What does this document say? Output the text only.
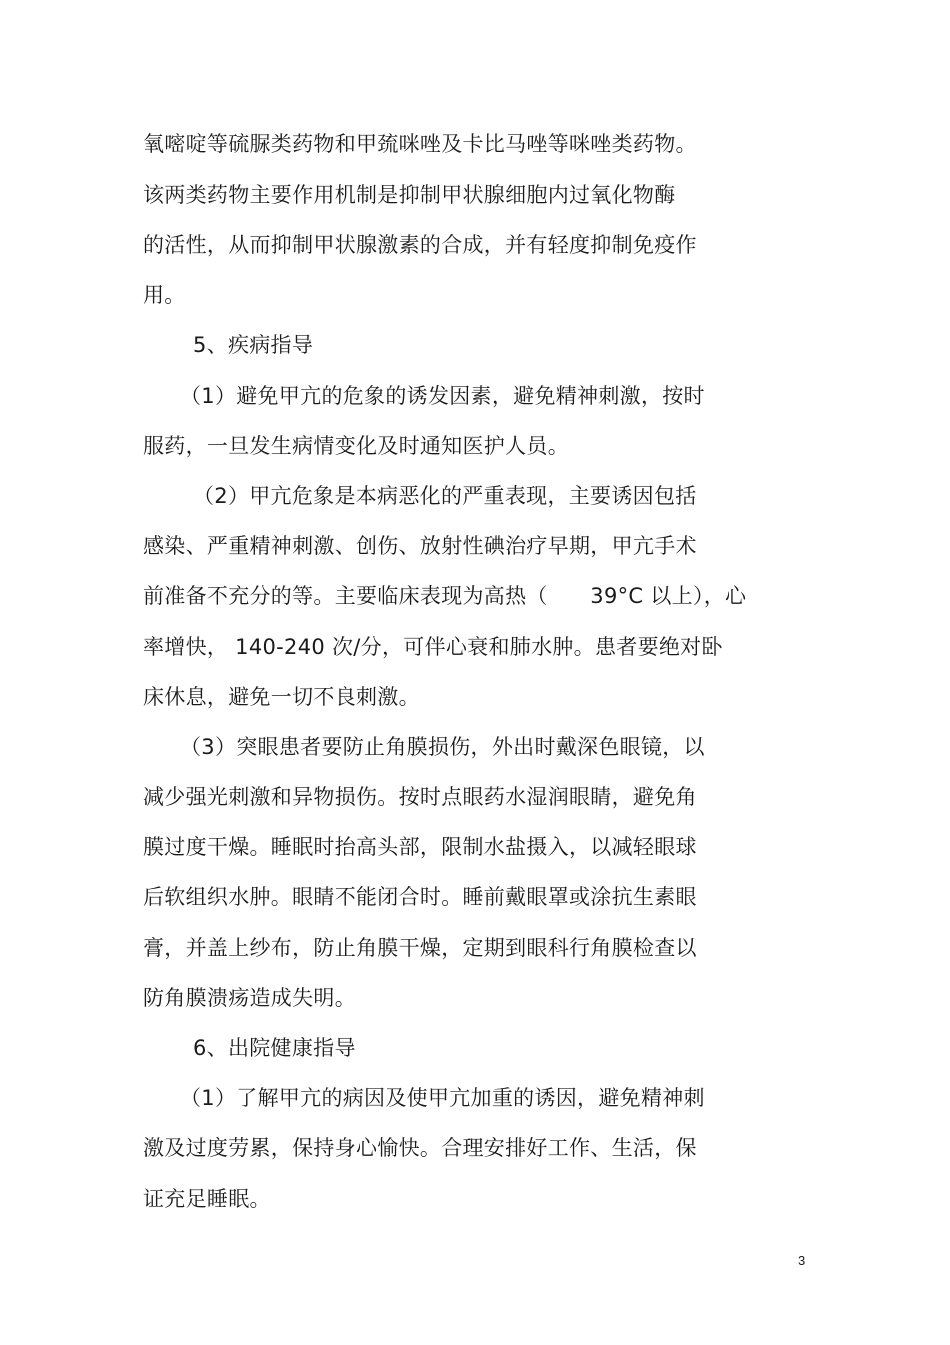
氧嘧啶等硫脲类药物和甲巯咪唑及卡比马唑等咪唑类药物。
该两类药物主要作用机制是抑制甲状腺细胞内过氧化物酶
的活性，从而抑制甲状腺激素的合成，并有轻度抑制免疫作
用。
5、疾病指导
（1）避免甲亢的危象的诱发因素，避免精神刺激，按时
服药，一旦发生病情变化及时通知医护人员。
（2）甲亢危象是本病恶化的严重表现，主要诱因包括
感染、严重精神刺激、创伤、放射性碘治疗早期，甲亢手术
前准备不充分的等。主要临床表现为高热（　　39°C 以上），心
率增快， 140-240 次/分，可伴心衰和肺水肿。患者要绝对卧
床休息，避免一切不良刺激。
（3）突眼患者要防止角膜损伤，外出时戴深色眼镜，以
减少强光刺激和异物损伤。按时点眼药水湿润眼睛，避免角
膜过度干燥。睡眠时抬高头部，限制水盐摄入，以减轻眼球
后软组织水肿。眼睛不能闭合时。睡前戴眼罩或涂抗生素眼
膏，并盖上纱布，防止角膜干燥，定期到眼科行角膜检查以
防角膜溃疡造成失明。
6、出院健康指导
（1）了解甲亢的病因及使甲亢加重的诱因，避免精神刺
激及过度劳累，保持身心愉快。合理安排好工作、生活，保
证充足睡眠。
3
